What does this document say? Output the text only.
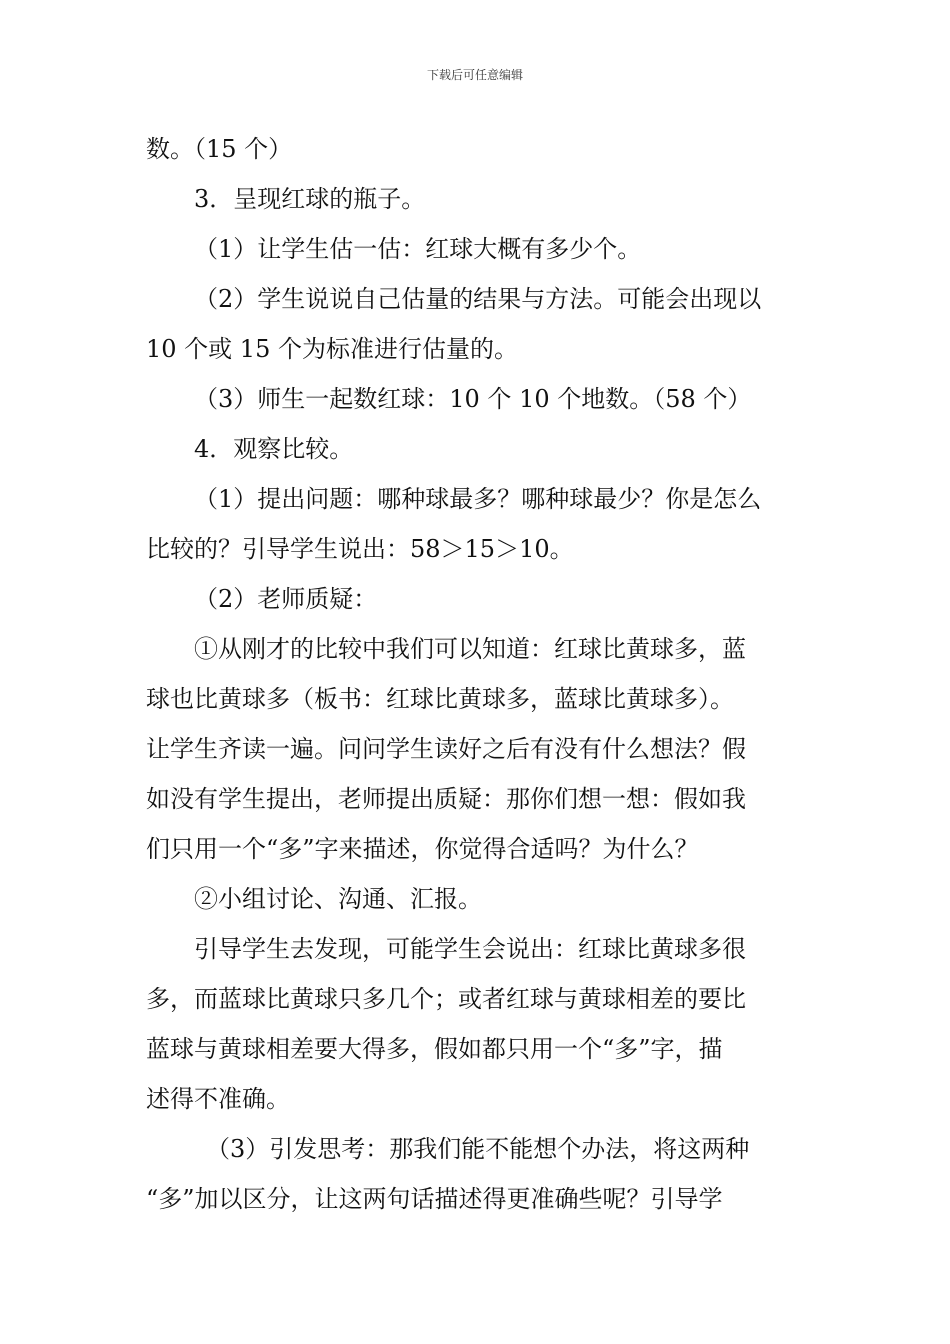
下载后可任意编辑
数。（15 个）
3．呈现红球的瓶子。
（1）让学生估一估：红球大概有多少个。
（2）学生说说自己估量的结果与方法。可能会出现以
10 个或 15 个为标准进行估量的。
（3）师生一起数红球：10 个 10 个地数。（58 个）
4．观察比较。
（1）提出问题：哪种球最多？哪种球最少？你是怎么
比较的？引导学生说出：58＞15＞10。
（2）老师质疑：
①从刚才的比较中我们可以知道：红球比黄球多，蓝
球也比黄球多（板书：红球比黄球多，蓝球比黄球多）。
让学生齐读一遍。问问学生读好之后有没有什么想法？假
如没有学生提出，老师提出质疑：那你们想一想：假如我
们只用一个“多”字来描述，你觉得合适吗？为什么？
②小组讨论、沟通、汇报。
引导学生去发现，可能学生会说出：红球比黄球多很
多，而蓝球比黄球只多几个；或者红球与黄球相差的要比
蓝球与黄球相差要大得多，假如都只用一个“多”字，描
述得不准确。
（3）引发思考：那我们能不能想个办法，将这两种
“多”加以区分，让这两句话描述得更准确些呢？引导学
